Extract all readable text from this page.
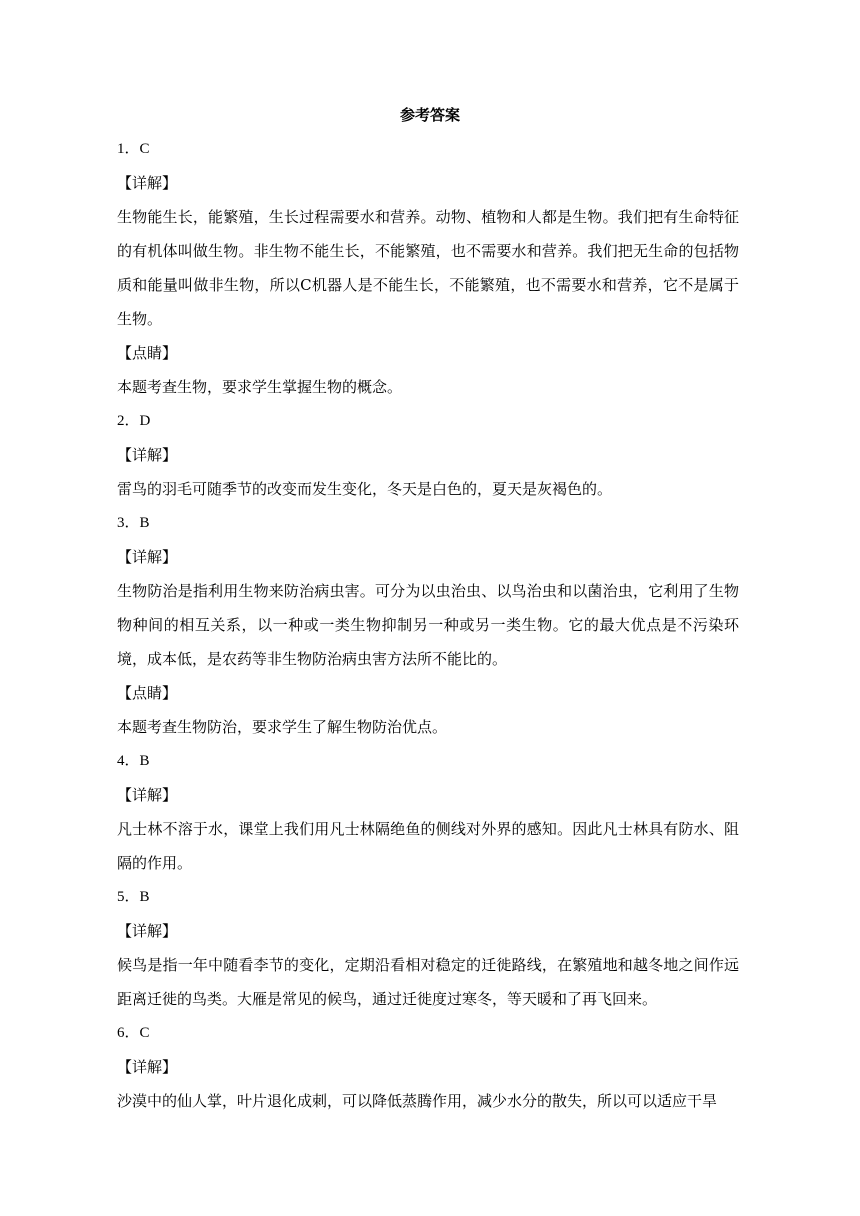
参考答案
1．C
【详解】
生物能生长，能繁殖，生长过程需要水和营养。动物、植物和人都是生物。我们把有生命特征的有机体叫做生物。非生物不能生长，不能繁殖，也不需要水和营养。我们把无生命的包括物质和能量叫做非生物，所以C机器人是不能生长，不能繁殖，也不需要水和营养，它不是属于生物。
【点睛】
本题考查生物，要求学生掌握生物的概念。
2．D
【详解】
雷鸟的羽毛可随季节的改变而发生变化，冬天是白色的，夏天是灰褐色的。
3．B
【详解】
生物防治是指利用生物来防治病虫害。可分为以虫治虫、以鸟治虫和以菌治虫，它利用了生物物种间的相互关系，以一种或一类生物抑制另一种或另一类生物。它的最大优点是不污染环境，成本低，是农药等非生物防治病虫害方法所不能比的。
【点睛】
本题考查生物防治，要求学生了解生物防治优点。
4．B
【详解】
凡士林不溶于水，课堂上我们用凡士林隔绝鱼的侧线对外界的感知。因此凡士林具有防水、阻隔的作用。
5．B
【详解】
候鸟是指一年中随看李节的变化，定期沿看相对稳定的迁徙路线，在繁殖地和越冬地之间作远距离迁徙的鸟类。大雁是常见的候鸟，通过迁徙度过寒冬，等天暖和了再飞回来。
6．C
【详解】
沙漠中的仙人掌，叶片退化成刺，可以降低蒸腾作用，减少水分的散失，所以可以适应干旱
